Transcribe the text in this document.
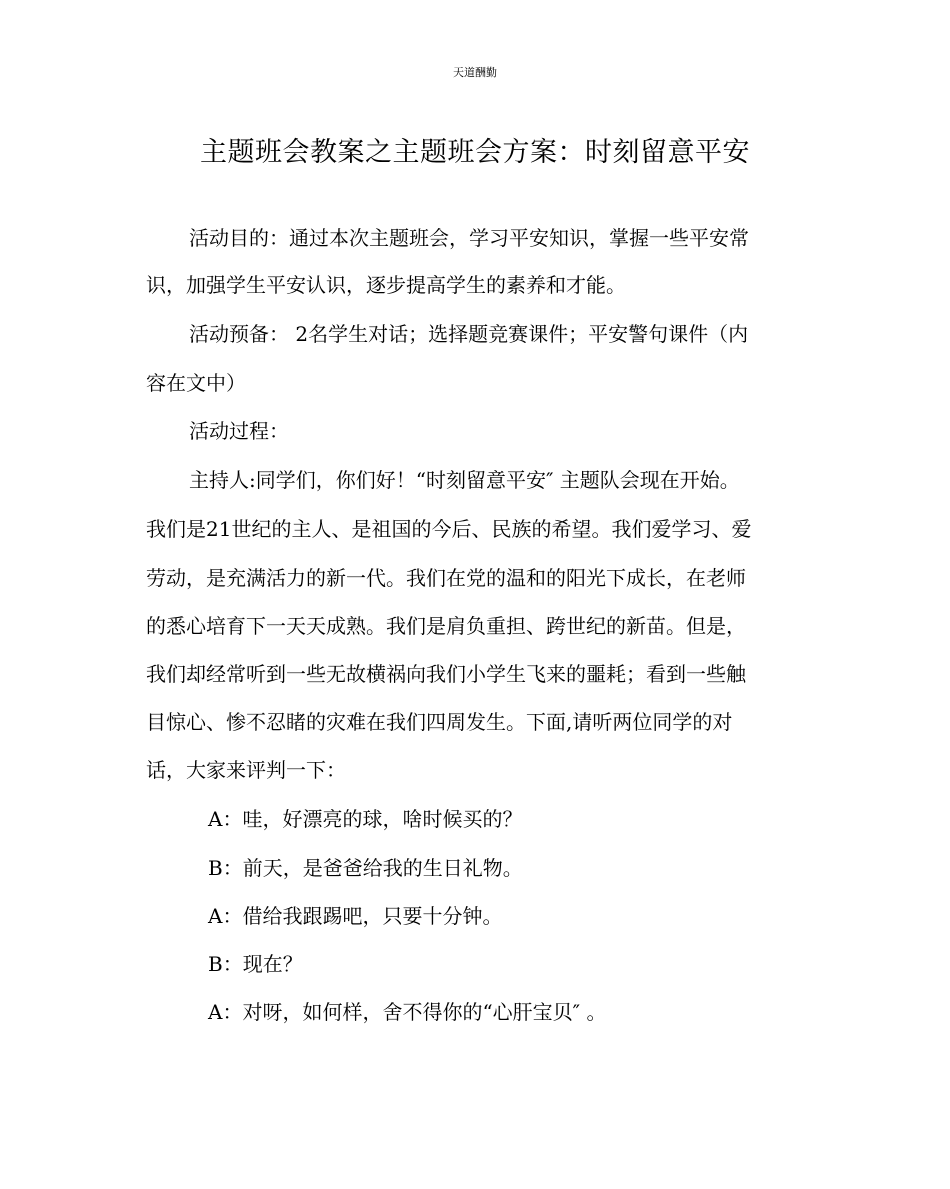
天道酬勤
主题班会教案之主题班会方案：时刻留意平安
活动目的：通过本次主题班会，学习平安知识，掌握一些平安常
识，加强学生平安认识，逐步提高学生的素养和才能。
活动预备： 2名学生对话；选择题竞赛课件；平安警句课件（内
容在文中）
活动过程：
主持人:同学们，你们好！“时刻留意平安″ 主题队会现在开始。
我们是21世纪的主人、是祖国的今后、民族的希望。我们爱学习、爱
劳动，是充满活力的新一代。我们在党的温和的阳光下成长，在老师
的悉心培育下一天天成熟。我们是肩负重担、跨世纪的新苗。但是，
我们却经常听到一些无故横祸向我们小学生飞来的噩耗；看到一些触
目惊心、惨不忍睹的灾难在我们四周发生。下面,请听两位同学的对
话，大家来评判一下：
A：哇，好漂亮的球，啥时候买的？
B：前天，是爸爸给我的生日礼物。
A：借给我跟踢吧，只要十分钟。
B：现在？
A：对呀，如何样，舍不得你的“心肝宝贝″ 。
